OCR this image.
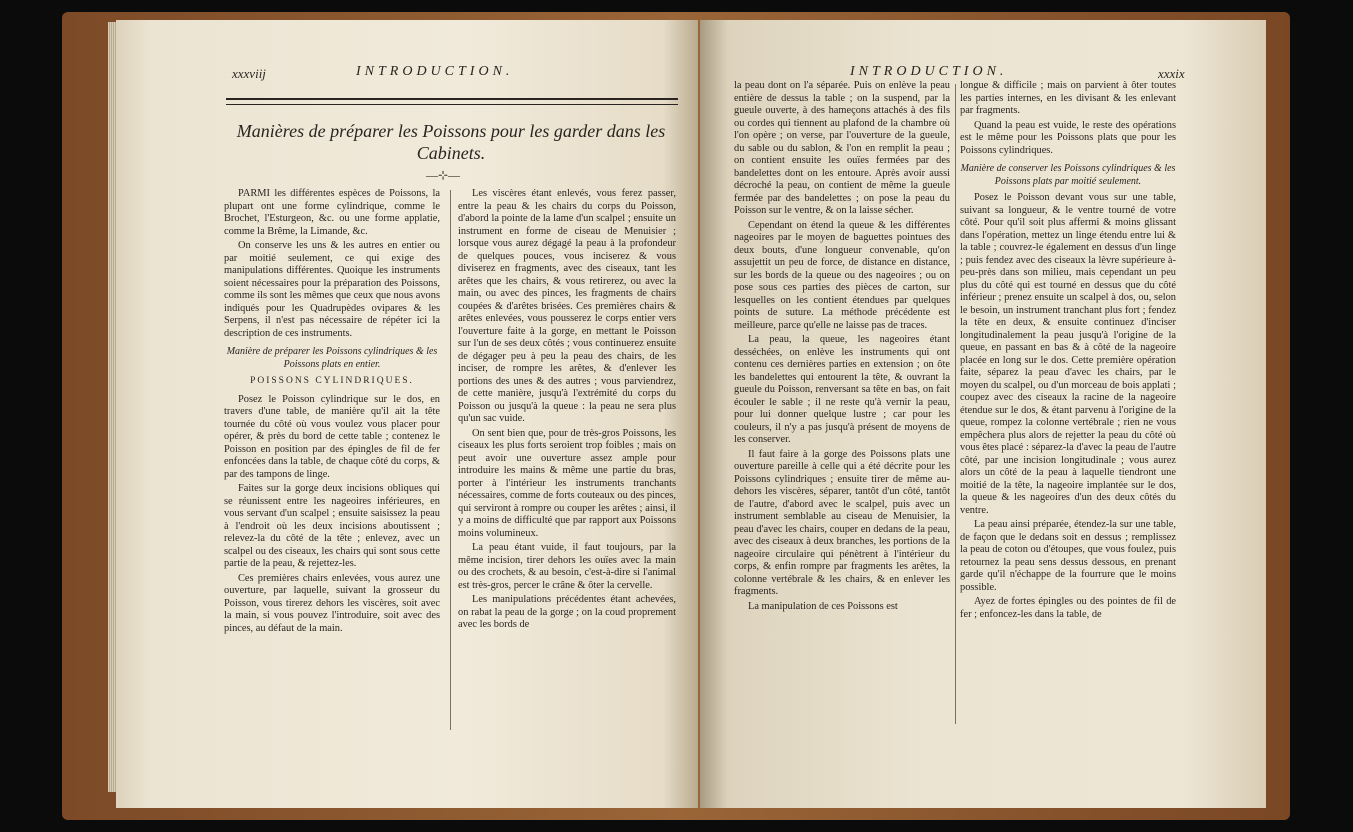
xxxviij	INTRODUCTION.
Manières de préparer les Poissons pour les garder dans les Cabinets.
—⊹—

PARMI les différentes espèces de Poissons, la plupart ont une forme cylindrique, comme le Brochet, l'Esturgeon, &c. ou une forme applatie, comme la Brême, la Limande, &c.

On conserve les uns & les autres en entier ou par moitié seulement, ce qui exige des manipulations différentes. Quoique les instruments soient nécessaires pour la préparation des Poissons, comme ils sont les mêmes que ceux que nous avons indiqués pour les Quadrupèdes ovipares & les Serpens, il n'est pas nécessaire de répéter ici la description de ces instruments.

Manière de préparer les Poissons cylindriques & les Poissons plats en entier.
POISSONS CYLINDRIQUES.

Posez le Poisson cylindrique sur le dos, en travers d'une table, de manière qu'il ait la tête tournée du côté où vous voulez vous placer pour opérer, & près du bord de cette table ; contenez le Poisson en position par des épingles de fil de fer enfoncées dans la table, de chaque côté du corps, & par des tampons de linge.

Faites sur la gorge deux incisions obliques qui se réunissent entre les nageoires inférieures, en vous servant d'un scalpel ; ensuite saisissez la peau à l'endroit où les deux incisions aboutissent ; relevez-la du côté de la tête ; enlevez, avec un scalpel ou des ciseaux, les chairs qui sont sous cette partie de la peau, & rejettez-les.

Ces premières chairs enlevées, vous aurez une ouverture, par laquelle, suivant la grosseur du Poisson, vous tirerez dehors les viscères, soit avec la main, si vous pouvez l'introduire, soit avec des pinces, au défaut de la main.

Les viscères étant enlevés, vous ferez passer, entre la peau & les chairs du corps du Poisson, d'abord la pointe de la lame d'un scalpel ; ensuite un instrument en forme de ciseau de Menuisier ; lorsque vous aurez dégagé la peau à la profondeur de quelques pouces, vous inciserez & vous diviserez en fragments, avec des ciseaux, tant les arêtes que les chairs, & vous retirerez, ou avec la main, ou avec des pinces, les fragments de chairs coupées & d'arêtes brisées. Ces premières chairs & arêtes enlevées, vous pousserez le corps entier vers l'ouverture faite à la gorge, en mettant le Poisson sur l'un de ses deux côtés ; vous continuerez ensuite de dégager peu à peu la peau des chairs, de les inciser, de rompre les arêtes, & d'enlever les portions des unes & des autres ; vous parviendrez, de cette manière, jusqu'à l'extrémité du corps du Poisson ou jusqu'à la queue : la peau ne sera plus qu'un sac vuide.

On sent bien que, pour de très-gros Poissons, les ciseaux les plus forts seroient trop foibles ; mais on peut avoir une ouverture assez ample pour introduire les mains & même une partie du bras, porter à l'intérieur les instruments tranchants nécessaires, comme de forts couteaux ou des pinces, qui serviront à rompre ou couper les arêtes ; ainsi, il y a moins de difficulté que par rapport aux Poissons moins volumineux.

La peau étant vuide, il faut toujours, par la même incision, tirer dehors les ouïes avec la main ou des crochets, & au besoin, c'est-à-dire si l'animal est très-gros, percer le crâne & ôter la cervelle.

Les manipulations précédentes étant achevées, on rabat la peau de la gorge ; on la coud proprement avec les bords de

INTRODUCTION.	xxxix

la peau dont on l'a séparée. Puis on enlève la peau entière de dessus la table ; on la suspend, par la gueule ouverte, à des hameçons attachés à des fils ou cordes qui tiennent au plafond de la chambre où l'on opère ; on verse, par l'ouverture de la gueule, du sable ou du sablon, & l'on en remplit la peau ; on contient ensuite les ouïes fermées par des bandelettes dont on les entoure. Après avoir aussi décroché la peau, on contient de même la gueule fermée par des bandelettes ; on pose la peau du Poisson sur le ventre, & on la laisse sécher.

Cependant on étend la queue & les différentes nageoires par le moyen de baguettes pointues des deux bouts, d'une longueur convenable, qu'on assujettit un peu de force, de distance en distance, sur les bords de la queue ou des nageoires ; ou on pose sous ces parties des pièces de carton, sur lesquelles on les contient étendues par quelques points de suture. La méthode précédente est meilleure, parce qu'elle ne laisse pas de traces.

La peau, la queue, les nageoires étant desséchées, on enlève les instruments qui ont contenu ces dernières parties en extension ; on ôte les bandelettes qui entourent la tête, & ouvrant la gueule du Poisson, renversant sa tête en bas, on fait écouler le sable ; il ne reste qu'à vernir la peau, pour lui donner quelque lustre ; car pour les couleurs, il n'y a pas jusqu'à présent de moyens de les conserver.

Il faut faire à la gorge des Poissons plats une ouverture pareille à celle qui a été décrite pour les Poissons cylindriques ; ensuite tirer de même au-dehors les viscères, séparer, tantôt d'un côté, tantôt de l'autre, d'abord avec le scalpel, puis avec un instrument semblable au ciseau de Menuisier, la peau d'avec les chairs, couper en dedans de la peau, avec des ciseaux à deux branches, les portions de la nageoire circulaire qui pénètrent à l'intérieur du corps, & enfin rompre par fragments les arêtes, la colonne vertébrale & les chairs, & en enlever les fragments.

La manipulation de ces Poissons est

longue & difficile ; mais on parvient à ôter toutes les parties internes, en les divisant & les enlevant par fragments.

Quand la peau est vuide, le reste des opérations est le même pour les Poissons plats que pour les Poissons cylindriques.

Manière de conserver les Poissons cylindriques & les Poissons plats par moitié seulement.

Posez le Poisson devant vous sur une table, suivant sa longueur, & le ventre tourné de votre côté. Pour qu'il soit plus affermi & moins glissant dans l'opération, mettez un linge étendu entre lui & la table ; couvrez-le également en dessus d'un linge ; puis fendez avec des ciseaux la lèvre supérieure à-peu-près dans son milieu, mais cependant un peu plus du côté qui est tourné en dessus que du côté inférieur ; prenez ensuite un scalpel à dos, ou, selon le besoin, un instrument tranchant plus fort ; fendez la tête en deux, & ensuite continuez d'inciser longitudinalement la peau jusqu'à l'origine de la queue, en passant en bas & à côté de la nageoire placée en long sur le dos. Cette première opération faite, séparez la peau d'avec les chairs, par le moyen du scalpel, ou d'un morceau de bois applati ; coupez avec des ciseaux la racine de la nageoire étendue sur le dos, & étant parvenu à l'origine de la queue, rompez la colonne vertébrale ; rien ne vous empêchera plus alors de rejetter la peau du côté où vous êtes placé : séparez-la d'avec la peau de l'autre côté, par une incision longitudinale ; vous aurez alors un côté de la peau à laquelle tiendront une moitié de la tête, la nageoire implantée sur le dos, la queue & les nageoires d'un des deux côtés du ventre.

La peau ainsi préparée, étendez-la sur une table, de façon que le dedans soit en dessus ; remplissez la peau de coton ou d'étoupes, que vous foulez, puis retournez la peau sens dessus dessous, en prenant garde qu'il n'échappe de la fourrure que le moins possible.

Ayez de fortes épingles ou des pointes de fil de fer ; enfoncez-les dans la table, de
